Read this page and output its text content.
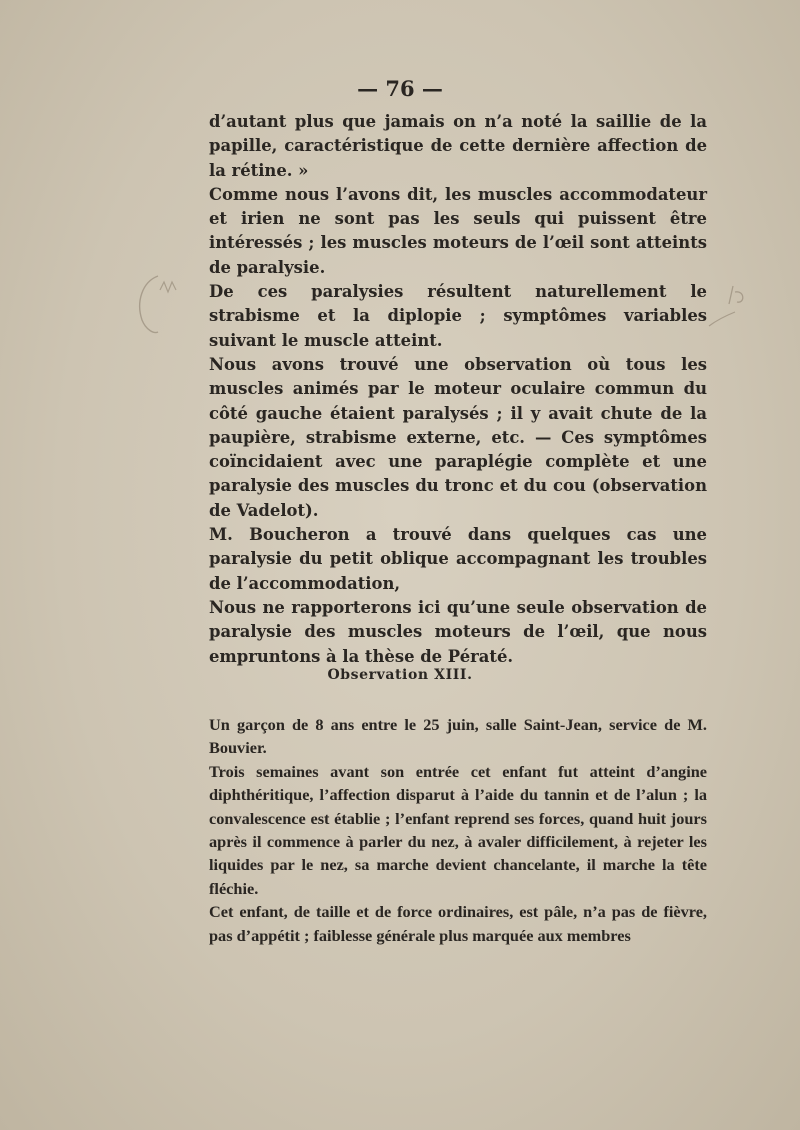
— 76 —

d’autant plus que jamais on n’a noté la saillie de la papille, caractéristique de cette dernière affection de la rétine. »

Comme nous l’avons dit, les muscles accommodateur et irien ne sont pas les seuls qui puissent être intéressés ; les muscles moteurs de l’œil sont atteints de paralysie.

De ces paralysies résultent naturellement le strabisme et la diplopie ; symptômes variables suivant le muscle atteint.

Nous avons trouvé une observation où tous les muscles animés par le moteur oculaire commun du côté gauche étaient paralysés ; il y avait chute de la paupière, strabisme externe, etc. — Ces symptômes coïncidaient avec une paraplégie complète et une paralysie des muscles du tronc et du cou (observation de Vadelot).

M. Boucheron a trouvé dans quelques cas une paralysie du petit oblique accompagnant les troubles de l’accommodation,

Nous ne rapporterons ici qu’une seule observation de paralysie des muscles moteurs de l’œil, que nous empruntons à la thèse de Pératé.

Observation XIII.

Un garçon de 8 ans entre le 25 juin, salle Saint-Jean, service de M. Bouvier.

Trois semaines avant son entrée cet enfant fut atteint d’angine diphthéritique, l’affection disparut à l’aide du tannin et de l’alun ; la convalescence est établie ; l’enfant reprend ses forces, quand huit jours après il commence à parler du nez, à avaler difficilement, à rejeter les liquides par le nez, sa marche devient chancelante, il marche la tête fléchie.

Cet enfant, de taille et de force ordinaires, est pâle, n’a pas de fièvre, pas d’appétit ; faiblesse générale plus marquée aux membres
